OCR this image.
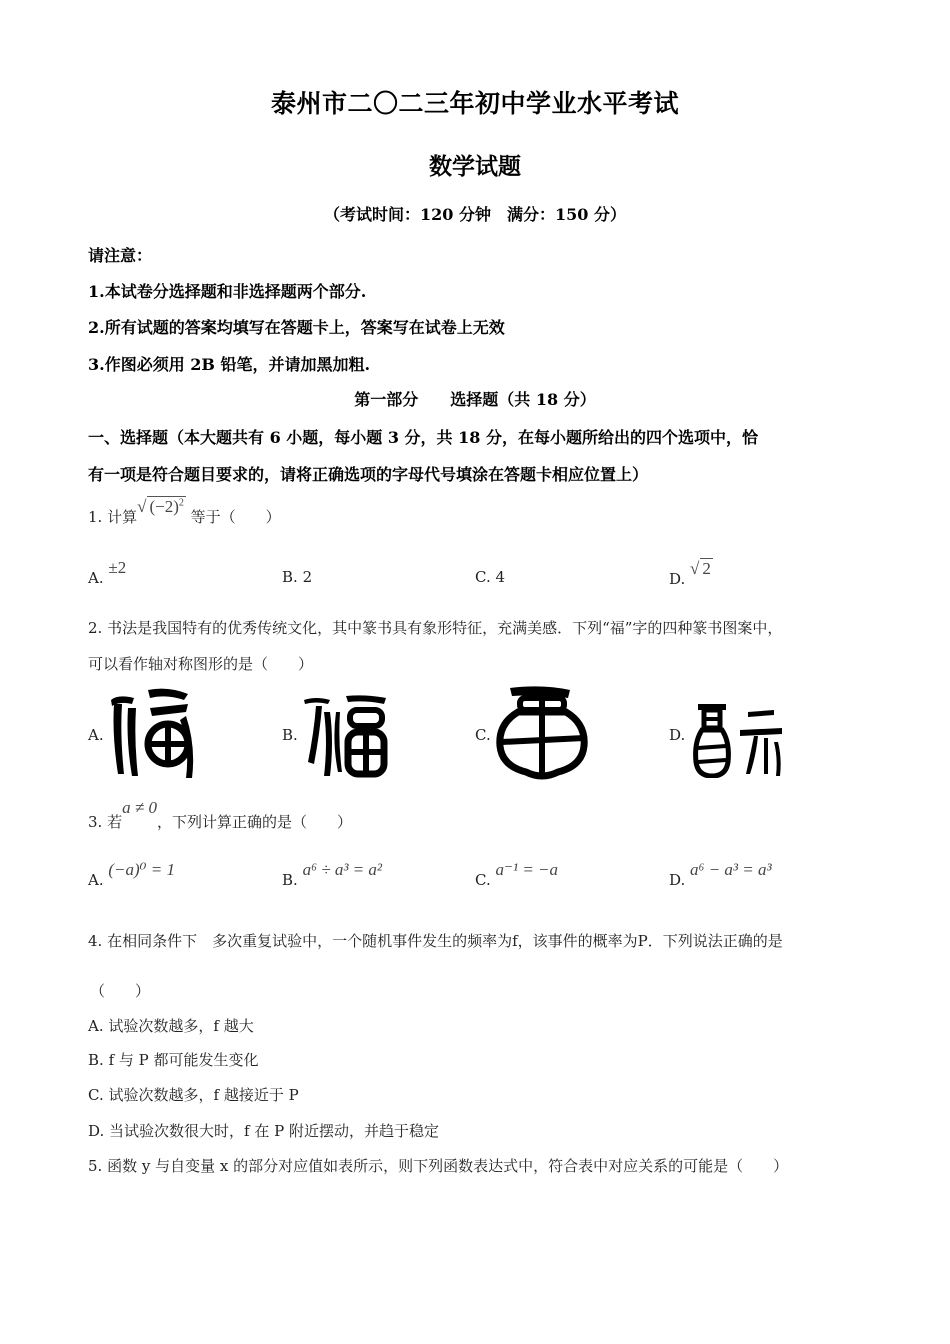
泰州市二〇二三年初中学业水平考试
数学试题
（考试时间：120 分钟　满分：150 分）
请注意：
1.本试卷分选择题和非选择题两个部分.
2.所有试题的答案均填写在答题卡上，答案写在试卷上无效
3.作图必须用 2B 铅笔，并请加黑加粗.
第一部分　　选择题（共 18 分）
一、选择题（本大题共有 6 小题，每小题 3 分，共 18 分，在每小题所给出的四个选项中，恰
有一项是符合题目要求的，请将正确选项的字母代号填涂在答题卡相应位置上）
1. 计算√ $(-2)^2$ 等于（　　）
A. ±2	B. 2	C. 4	D. √ 2
2. 书法是我国特有的优秀传统文化，其中篆书具有象形特征，充满美感．下列“福”字的四种篆书图案中，
可以看作轴对称图形的是（　　）
A.	B.	C.	D.
3. 若a ≠ 0，下列计算正确的是（　　）
A. (−a)⁰ = 1
B. a⁶ ÷ a³ = a²
C. a⁻¹ = −a
D. a⁶ − a³ = a³
4. 在相同条件下　多次重复试验中，一个随机事件发生的频率为f，该事件的概率为P．下列说法正确的是
（　　）
A. 试验次数越多，f 越大
B. f 与 P 都可能发生变化
C. 试验次数越多，f 越接近于 P
D. 当试验次数很大时，f 在 P 附近摆动，并趋于稳定
5. 函数 y 与自变量 x 的部分对应值如表所示，则下列函数表达式中，符合表中对应关系的可能是（　　）
